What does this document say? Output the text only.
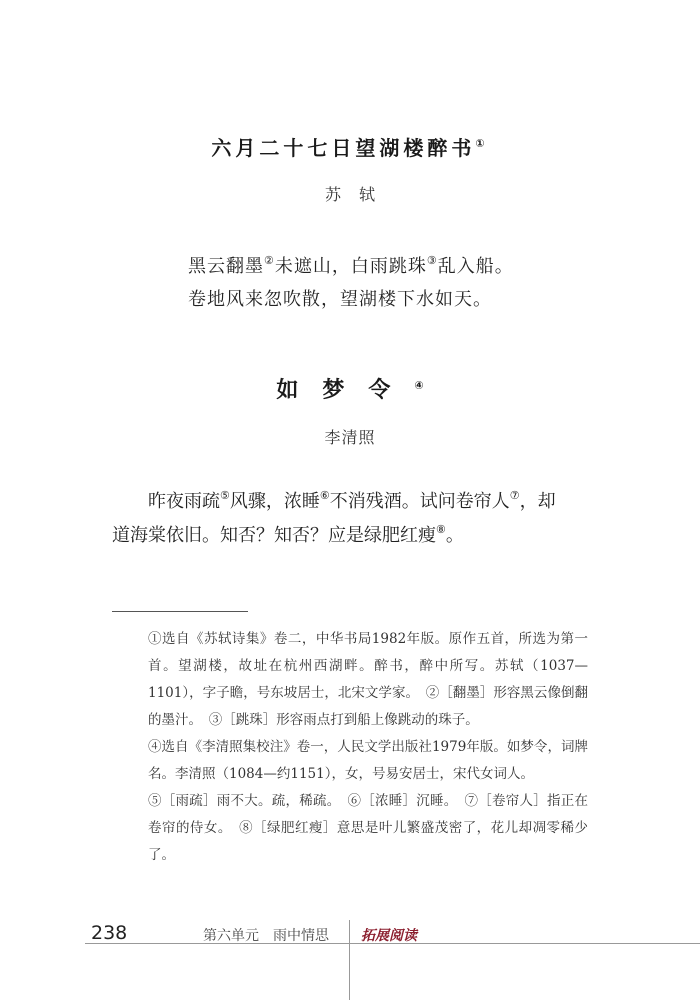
六月二十七日望湖楼醉书①
苏轼
黑云翻墨②未遮山，白雨跳珠③乱入船。
卷地风来忽吹散，望湖楼下水如天。
如梦令④
李清照
昨夜雨疏⑤风骤，浓睡⑥不消残酒。试问卷帘人⑦，却
道海棠依旧。知否？知否？应是绿肥红瘦⑧。

①选自《苏轼诗集》卷二，中华书局1982年版。原作五首，所选为第一首。望湖楼，故址在杭州西湖畔。醉书，醉中所写。苏轼（1037—1101），字子瞻，号东坡居士，北宋文学家。　②［翻墨］形容黑云像倒翻的墨汁。　③［跳珠］形容雨点打到船上像跳动的珠子。

④选自《李清照集校注》卷一，人民文学出版社1979年版。如梦令，词牌名。李清照（1084—约1151），女，号易安居士，宋代女词人。

⑤［雨疏］雨不大。疏，稀疏。　⑥［浓睡］沉睡。　⑦［卷帘人］指正在卷帘的侍女。　⑧［绿肥红瘦］意思是叶儿繁盛茂密了，花儿却凋零稀少了。

238	第六单元　雨中情思 拓展阅读
